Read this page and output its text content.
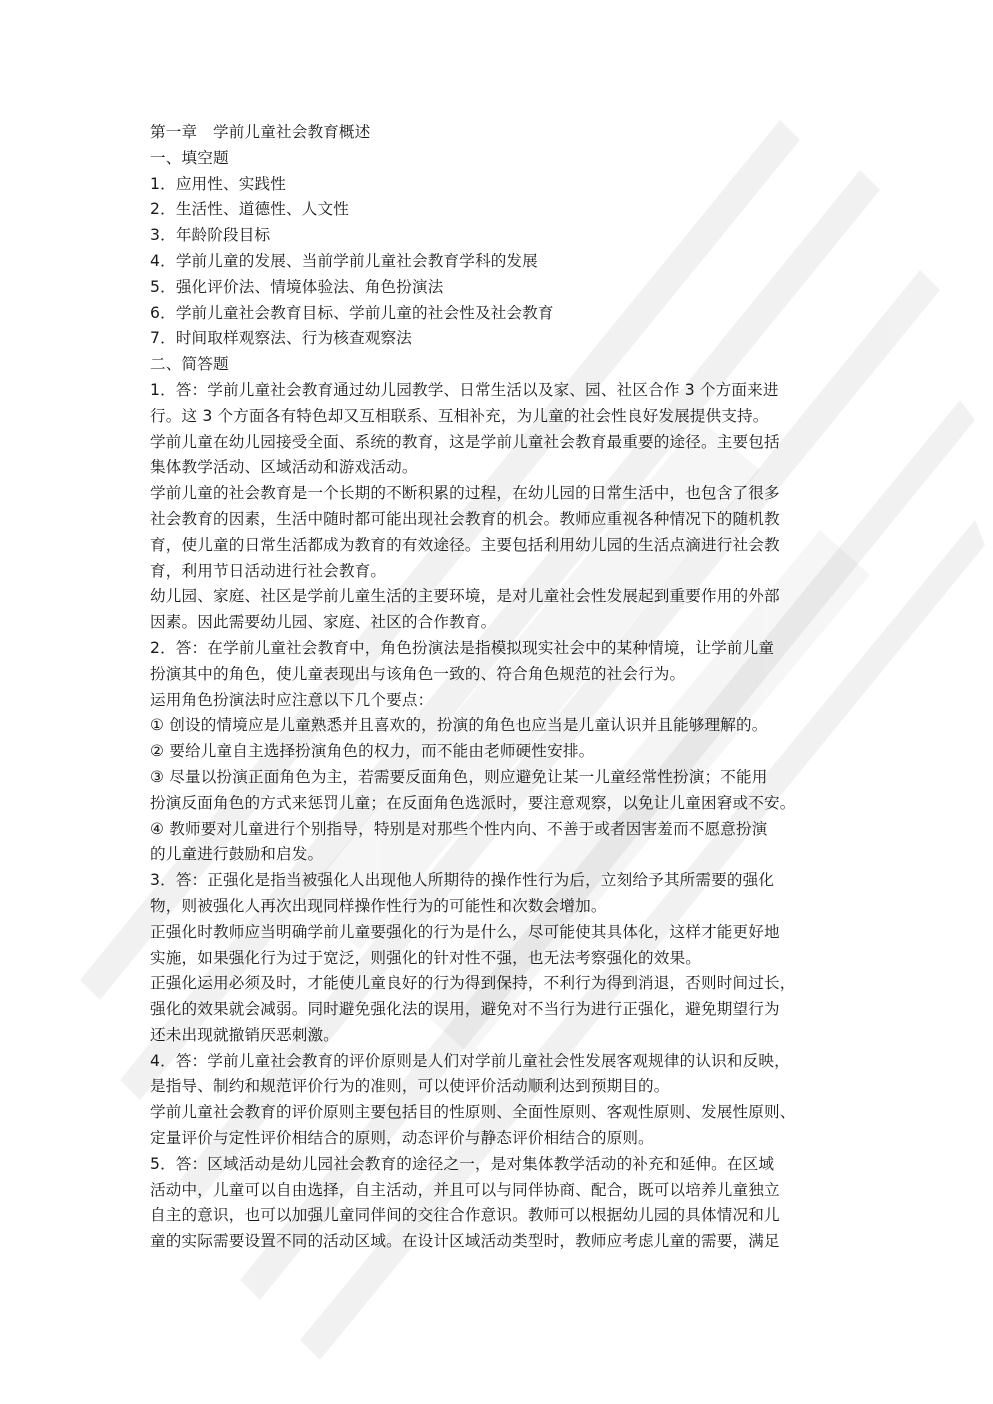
第一章　学前儿童社会教育概述
一、填空题
1．应用性、实践性
2．生活性、道德性、人文性
3．年龄阶段目标
4．学前儿童的发展、当前学前儿童社会教育学科的发展
5．强化评价法、情境体验法、角色扮演法
6．学前儿童社会教育目标、学前儿童的社会性及社会教育
7．时间取样观察法、行为核查观察法
二、简答题
1．答：学前儿童社会教育通过幼儿园教学、日常生活以及家、园、社区合作 3 个方面来进
行。这 3 个方面各有特色却又互相联系、互相补充，为儿童的社会性良好发展提供支持。
学前儿童在幼儿园接受全面、系统的教育，这是学前儿童社会教育最重要的途径。主要包括
集体教学活动、区域活动和游戏活动。
学前儿童的社会教育是一个长期的不断积累的过程，在幼儿园的日常生活中，也包含了很多
社会教育的因素，生活中随时都可能出现社会教育的机会。教师应重视各种情况下的随机教
育，使儿童的日常生活都成为教育的有效途径。主要包括利用幼儿园的生活点滴进行社会教
育，利用节日活动进行社会教育。
幼儿园、家庭、社区是学前儿童生活的主要环境，是对儿童社会性发展起到重要作用的外部
因素。因此需要幼儿园、家庭、社区的合作教育。
2．答：在学前儿童社会教育中，角色扮演法是指模拟现实社会中的某种情境，让学前儿童
扮演其中的角色，使儿童表现出与该角色一致的、符合角色规范的社会行为。
运用角色扮演法时应注意以下几个要点：
① 创设的情境应是儿童熟悉并且喜欢的，扮演的角色也应当是儿童认识并且能够理解的。
② 要给儿童自主选择扮演角色的权力，而不能由老师硬性安排。
③ 尽量以扮演正面角色为主，若需要反面角色，则应避免让某一儿童经常性扮演；不能用
扮演反面角色的方式来惩罚儿童；在反面角色选派时，要注意观察，以免让儿童困窘或不安。
④ 教师要对儿童进行个别指导，特别是对那些个性内向、不善于或者因害羞而不愿意扮演
的儿童进行鼓励和启发。
3．答：正强化是指当被强化人出现他人所期待的操作性行为后，立刻给予其所需要的强化
物，则被强化人再次出现同样操作性行为的可能性和次数会增加。
正强化时教师应当明确学前儿童要强化的行为是什么，尽可能使其具体化，这样才能更好地
实施，如果强化行为过于宽泛，则强化的针对性不强，也无法考察强化的效果。
正强化运用必须及时，才能使儿童良好的行为得到保持，不利行为得到消退，否则时间过长，
强化的效果就会减弱。同时避免强化法的误用，避免对不当行为进行正强化，避免期望行为
还未出现就撤销厌恶刺激。
4．答：学前儿童社会教育的评价原则是人们对学前儿童社会性发展客观规律的认识和反映，
是指导、制约和规范评价行为的准则，可以使评价活动顺利达到预期目的。
学前儿童社会教育的评价原则主要包括目的性原则、全面性原则、客观性原则、发展性原则、
定量评价与定性评价相结合的原则，动态评价与静态评价相结合的原则。
5．答：区域活动是幼儿园社会教育的途径之一，是对集体教学活动的补充和延伸。在区域
活动中，儿童可以自由选择，自主活动，并且可以与同伴协商、配合，既可以培养儿童独立
自主的意识，也可以加强儿童同伴间的交往合作意识。教师可以根据幼儿园的具体情况和儿
童的实际需要设置不同的活动区域。在设计区域活动类型时，教师应考虑儿童的需要，满足
